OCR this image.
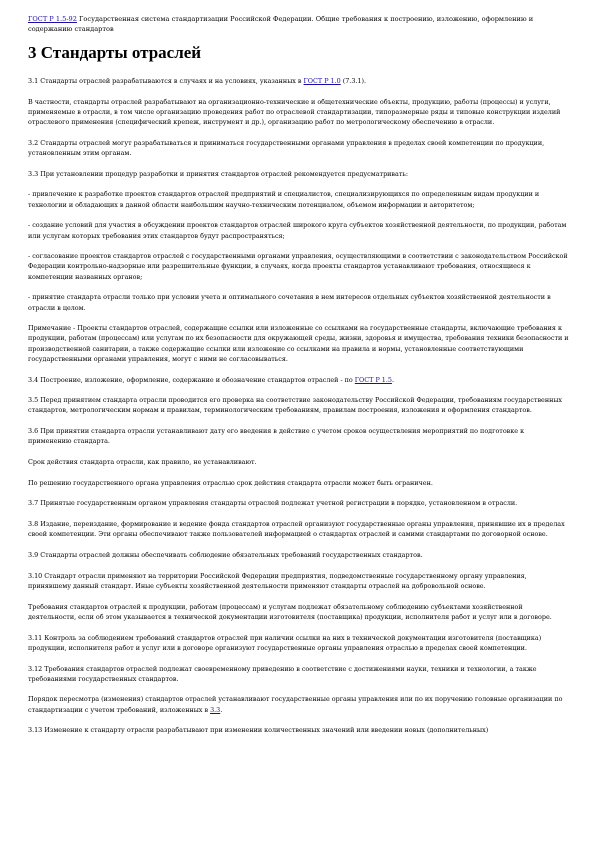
ГОСТ Р 1.5-92 Государственная система стандартизации Российской Федерации. Общие требования к построению, изложению, оформлению и содержанию стандартов
3 Стандарты отраслей
3.1 Стандарты отраслей разрабатываются в случаях и на условиях, указанных в ГОСТ Р 1.0 (7.3.1).
В частности, стандарты отраслей разрабатывают на организационно-технические и общетехнические объекты, продукцию, работы (процессы) и услуги, применяемые в отрасли, в том числе организацию проведения работ по отраслевой стандартизации, типоразмерные ряды и типовые конструкции изделий отраслевого применения (специфический крепеж, инструмент и др.), организацию работ по метрологическому обеспечению в отрасли.
3.2 Стандарты отраслей могут разрабатываться и приниматься государственными органами управления в пределах своей компетенции по продукции, установленным этим органам.
3.3 При установлении процедур разработки и принятия стандартов отраслей рекомендуется предусматривать:
- привлечение к разработке проектов стандартов отраслей предприятий и специалистов, специализирующихся по определенным видам продукции и технологии и обладающих в данной области наибольшим научно-техническим потенциалом, объемом информации и авторитетом;
- создание условий для участия в обсуждении проектов стандартов отраслей широкого круга субъектов хозяйственной деятельности, по продукции, работам или услугам которых требования этих стандартов будут распространяться;
- согласование проектов стандартов отраслей с государственными органами управления, осуществляющими в соответствии с законодательством Российской Федерации контрольно-надзорные или разрешительные функции, в случаях, когда проекты стандартов устанавливают требования, относящиеся к компетенции названных органов;
- принятие стандарта отрасли только при условии учета и оптимального сочетания в нем интересов отдельных субъектов хозяйственной деятельности в отрасли в целом.
Примечание - Проекты стандартов отраслей, содержащие ссылки или изложенные со ссылками на государственные стандарты, включающие требования к продукции, работам (процессам) или услугам по их безопасности для окружающей среды, жизни, здоровья и имущества, требования техники безопасности и производственной санитарии, а также содержащие ссылки или изложение со ссылками на правила и нормы, установленные соответствующими государственными органами управления, могут с ними не согласовываться.
3.4 Построение, изложение, оформление, содержание и обозначение стандартов отраслей - по ГОСТ Р 1.5.
3.5 Перед принятием стандарта отрасли проводится его проверка на соответствие законодательству Российской Федерации, требованиям государственных стандартов, метрологическим нормам и правилам, терминологическим требованиям, правилам построения, изложения и оформления стандартов.
3.6 При принятии стандарта отрасли устанавливают дату его введения в действие с учетом сроков осуществления мероприятий по подготовке к применению стандарта.
Срок действия стандарта отрасли, как правило, не устанавливают.
По решению государственного органа управления отраслью срок действия стандарта отрасли может быть ограничен.
3.7 Принятые государственным органом управления стандарты отраслей подлежат учетной регистрации в порядке, установленном в отрасли.
3.8 Издание, переиздание, формирование и ведение фонда стандартов отраслей организуют государственные органы управления, принявшие их в пределах своей компетенции. Эти органы обеспечивают также пользователей информацией о стандартах отраслей и самими стандартами по договорной основе.
3.9 Стандарты отраслей должны обеспечивать соблюдение обязательных требований государственных стандартов.
3.10 Стандарт отрасли применяют на территории Российской Федерации предприятия, подведомственные государственному органу управления, принявшему данный стандарт. Иные субъекты хозяйственной деятельности применяют стандарты отраслей на добровольной основе.
Требования стандартов отраслей к продукции, работам (процессам) и услугам подлежат обязательному соблюдению субъектами хозяйственной деятельности, если об этом указывается в технической документации изготовителя (поставщика) продукции, исполнителя работ и услуг или в договоре.
3.11 Контроль за соблюдением требований стандартов отраслей при наличии ссылки на них в технической документации изготовителя (поставщика) продукции, исполнителя работ и услуг или в договоре организуют государственные органы управления отраслью в пределах своей компетенции.
3.12 Требования стандартов отраслей подлежат своевременному приведению в соответствие с достижениями науки, техники и технологии, а также требованиями государственных стандартов.
Порядок пересмотра (изменения) стандартов отраслей устанавливают государственные органы управления или по их поручению головные организации по стандартизации с учетом требований, изложенных в 3.3.
3.13 Изменение к стандарту отрасли разрабатывают при изменении количественных значений или введении новых (дополнительных)
